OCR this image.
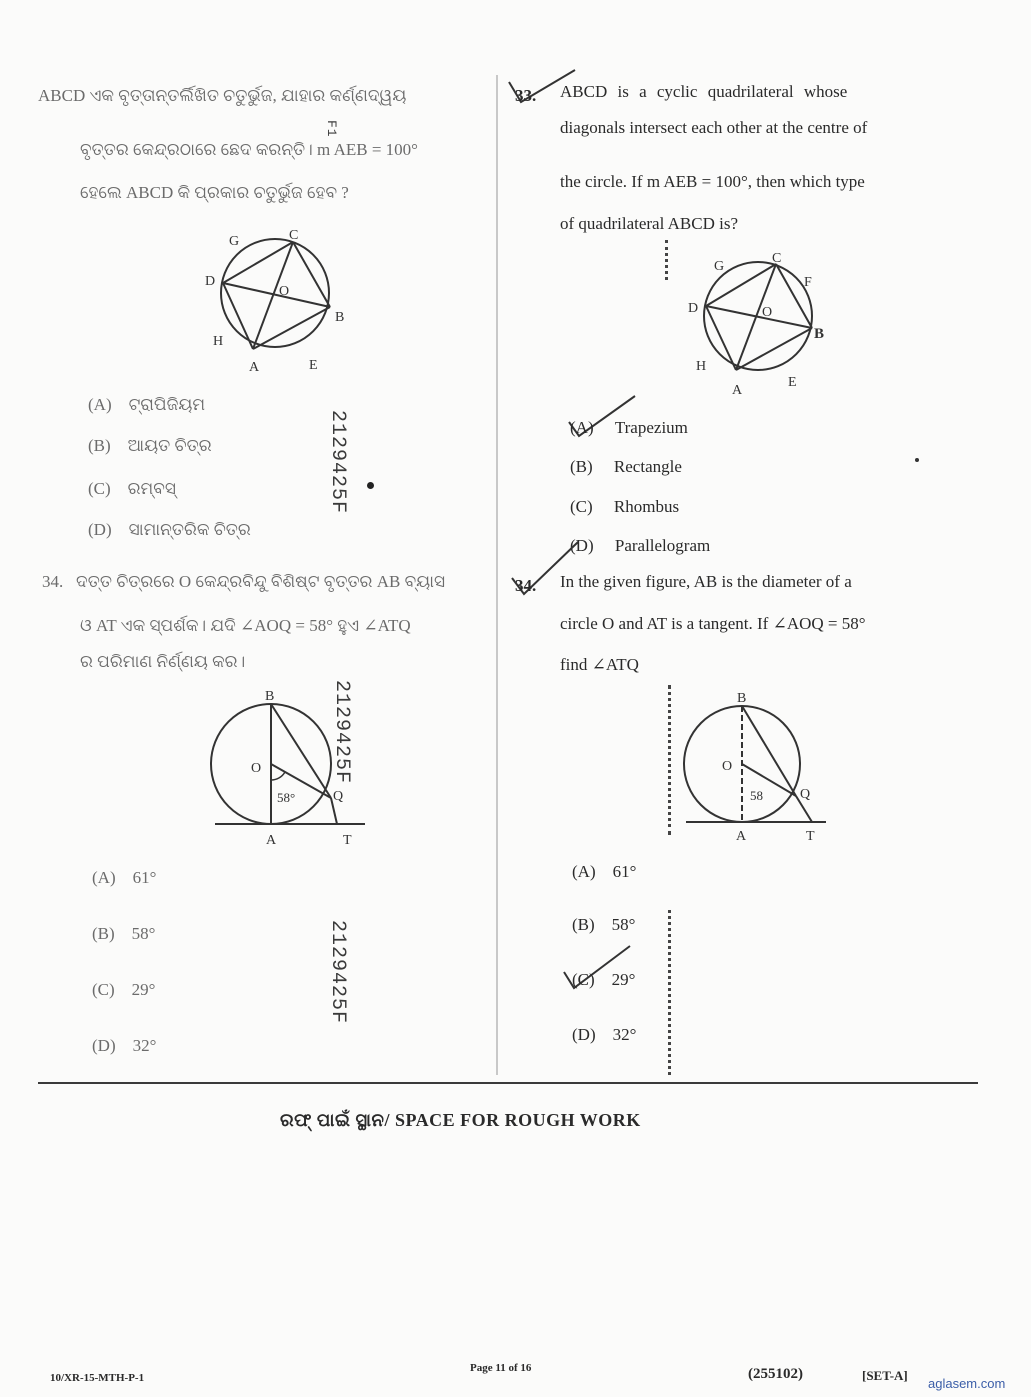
ABCD ଏକ ବୃତ୍ତାନ୍ତର୍ଲିଖିତ ଚତୁର୍ଭୁଜ, ଯାହାର କର୍ଣ୍ଣଦ୍ୱୟ
ବୃତ୍ତର କେନ୍ଦ୍ରଠାରେ ଛେଦ କରନ୍ତି। m AEB = 100°
ହେଲେ ABCD କି ପ୍ରକାର ଚତୁର୍ଭୁଜ ହେବ ?
G	C
D
O
B
H
A	E
(A) ଟ୍ରାପିଜିୟମ
(B) ଆୟତ ଚିତ୍ର
(C) ରମ୍ବସ୍
(D) ସାମାନ୍ତରିକ ଚିତ୍ର
34. ଦତ୍ତ ଚିତ୍ରରେ O କେନ୍ଦ୍ରବିନ୍ଦୁ ବିଶିଷ୍ଟ ବୃତ୍ତର AB ବ୍ୟାସ
ଓ AT ଏକ ସ୍ପର୍ଶକ। ଯଦି ∠AOQ = 58° ହୁଏ ∠ATQ
ର ପରିମାଣ ନିର୍ଣ୍ଣୟ କର।
B
O
58°	Q
A	T
(A) 61°
(B) 58°
(C) 29°
(D) 32°
F1
2129425F
2129425F
2129425F
33. ABCD is a cyclic quadrilateral whose
diagonals intersect each other at the centre of
the circle. If m AEB = 100°, then which type
of quadrilateral ABCD is?
G
C
F
D	O
B
H
A
E
(A) Trapezium
(B) Rectangle
(C) Rhombus
(D) Parallelogram
34. In the given figure, AB is the diameter of a
circle O and AT is a tangent. If ∠AOQ = 58°
find ∠ATQ
B
O
58	Q
A	T
(A) 61°
(B) 58°
(C) 29°
(D) 32°
ରଫ୍ ପାଇଁ ସ୍ଥାନ/ SPACE FOR ROUGH WORK
10/XR-15-MTH-P-1
Page 11 of 16	(255102)	[SET-A]
aglasem.com
